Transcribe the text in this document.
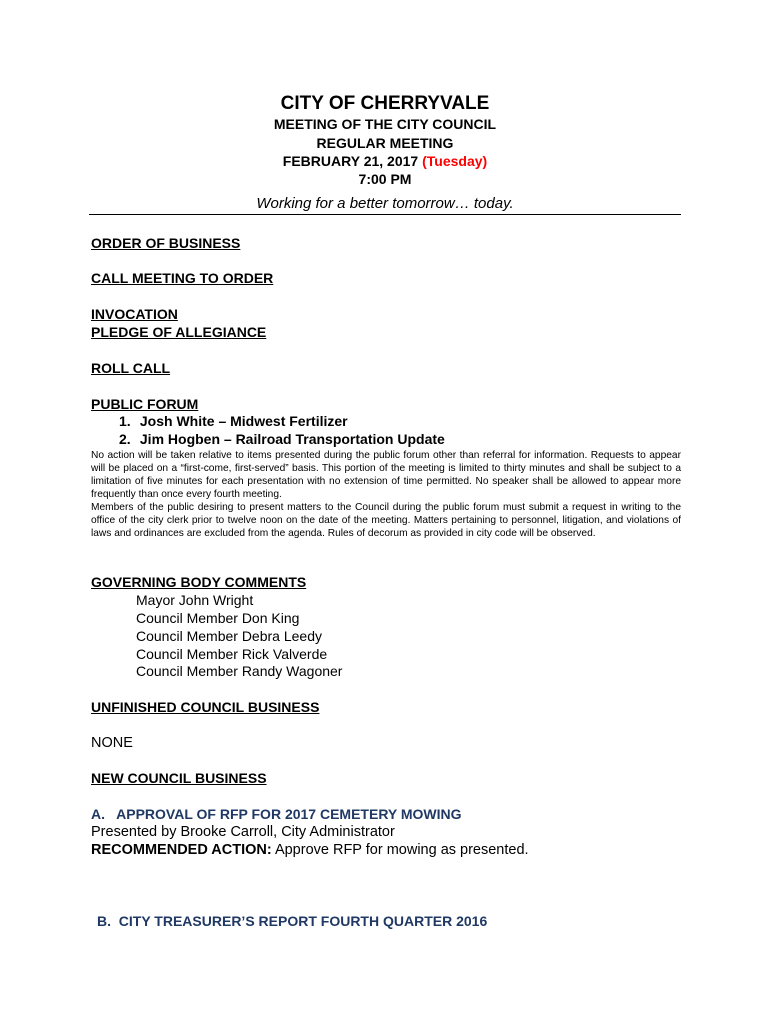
CITY OF CHERRYVALE
MEETING OF THE CITY COUNCIL
REGULAR MEETING
FEBRUARY 21, 2017 (Tuesday)
7:00 PM
Working for a better tomorrow… today.
ORDER OF BUSINESS
CALL MEETING TO ORDER
INVOCATION
PLEDGE OF ALLEGIANCE
ROLL CALL
PUBLIC FORUM
1. Josh White – Midwest Fertilizer
2. Jim Hogben – Railroad Transportation Update
No action will be taken relative to items presented during the public forum other than referral for information. Requests to appear will be placed on a “first-come, first-served” basis. This portion of the meeting is limited to thirty minutes and shall be subject to a limitation of five minutes for each presentation with no extension of time permitted. No speaker shall be allowed to appear more frequently than once every fourth meeting.
Members of the public desiring to present matters to the Council during the public forum must submit a request in writing to the office of the city clerk prior to twelve noon on the date of the meeting. Matters pertaining to personnel, litigation, and violations of laws and ordinances are excluded from the agenda. Rules of decorum as provided in city code will be observed.
GOVERNING BODY COMMENTS
Mayor John Wright
Council Member Don King
Council Member Debra Leedy
Council Member Rick Valverde
Council Member Randy Wagoner
UNFINISHED COUNCIL BUSINESS
NONE
NEW COUNCIL BUSINESS
A.   APPROVAL OF RFP FOR 2017 CEMETERY MOWING
Presented by Brooke Carroll, City Administrator
RECOMMENDED ACTION: Approve RFP for mowing as presented.
B.  CITY TREASURER’S REPORT FOURTH QUARTER 2016
